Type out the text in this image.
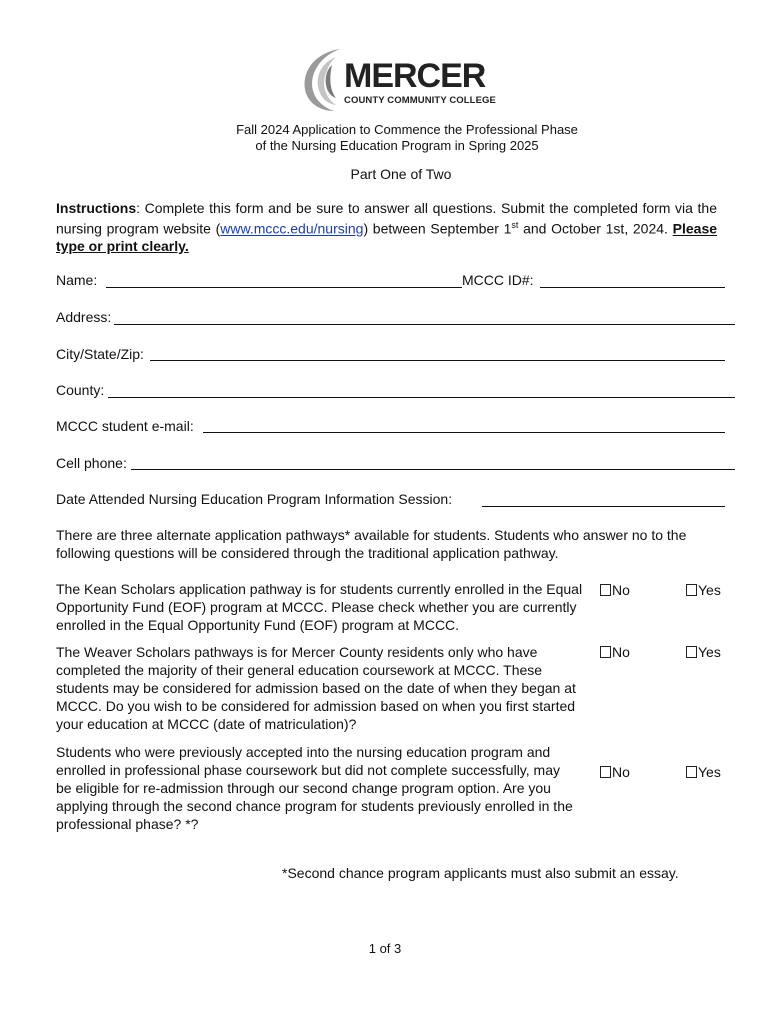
MERCER
COUNTY COMMUNITY COLLEGE
Fall 2024 Application to Commence the Professional Phase
of the Nursing Education Program in Spring 2025
Part One of Two
Instructions: Complete this form and be sure to answer all questions. Submit the completed form via the nursing program website (www.mccc.edu/nursing) between September 1st and October 1st, 2024. Please type or print clearly.
Name:	MCCC ID#:
Address:
City/State/Zip:
County:
MCCC student e-mail:
Cell phone:
Date Attended Nursing Education Program Information Session:
There are three alternate application pathways* available for students. Students who answer no to the following questions will be considered through the traditional application pathway.
The Kean Scholars application pathway is for students currently enrolled in the Equal Opportunity Fund (EOF) program at MCCC. Please check whether you are currently enrolled in the Equal Opportunity Fund (EOF) program at MCCC.
No	Yes
The Weaver Scholars pathways is for Mercer County residents only who have completed the majority of their general education coursework at MCCC. These students may be considered for admission based on the date of when they began at MCCC. Do you wish to be considered for admission based on when you first started your education at MCCC (date of matriculation)?
No	Yes
Students who were previously accepted into the nursing education program and enrolled in professional phase coursework but did not complete successfully, may be eligible for re-admission through our second change program option. Are you applying through the second chance program for students previously enrolled in the professional phase? *?
No	Yes
*Second chance program applicants must also submit an essay.
1 of 3
